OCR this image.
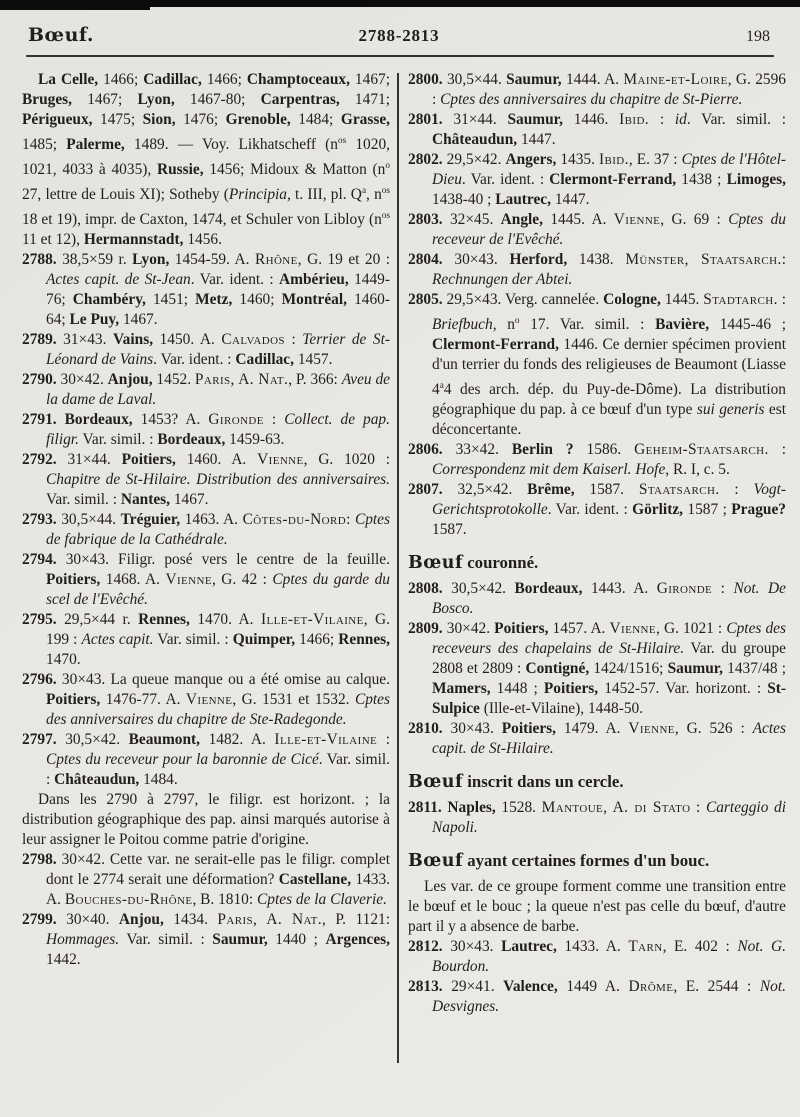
Bœuf.	2788-2813	198

La Celle, 1466; Cadillac, 1466; Champtoceaux, 1467; Bruges, 1467; Lyon, 1467-80; Carpentras, 1471; Périgueux, 1475; Sion, 1476; Grenoble, 1484; Grasse, 1485; Palerme, 1489. — Voy. Likhatscheff ($n^{os}$ 1020, 1021, 4033 à 4035), Russie, 1456; Midoux & Matton ($n^o$ 27, lettre de Louis XI); Sotheby (Principia, t. III, pl. $Q^a$, $n^{os}$ 18 et 19), impr. de Caxton, 1474, et Schuler von Libloy ($n^{os}$ 11 et 12), Hermannstadt, 1456.

2788. 38,5×59 r. Lyon, 1454-59. A. Rhône, G. 19 et 20 : Actes capit. de St-Jean. Var. ident. : Ambérieu, 1449-76; Chambéry, 1451; Metz, 1460; Montréal, 1460-64; Le Puy, 1467.

2789. 31×43. Vains, 1450. A. Calvados : Terrier de St-Léonard de Vains. Var. ident. : Cadillac, 1457.

2790. 30×42. Anjou, 1452. Paris, A. Nat., P. 366: Aveu de la dame de Laval.

2791. Bordeaux, 1453? A. Gironde : Collect. de pap. filigr. Var. simil. : Bordeaux, 1459-63.

2792. 31×44. Poitiers, 1460. A. Vienne, G. 1020 : Chapitre de St-Hilaire. Distribution des anniversaires. Var. simil. : Nantes, 1467.

2793. 30,5×44. Tréguier, 1463. A. Côtes-du-Nord: Cptes de fabrique de la Cathédrale.

2794. 30×43. Filigr. posé vers le centre de la feuille. Poitiers, 1468. A. Vienne, G. 42 : Cptes du garde du scel de l'Evêché.

2795. 29,5×44 r. Rennes, 1470. A. Ille-et-Vilaine, G. 199 : Actes capit. Var. simil. : Quimper, 1466; Rennes, 1470.

2796. 30×43. La queue manque ou a été omise au calque. Poitiers, 1476-77. A. Vienne, G. 1531 et 1532. Cptes des anniversaires du chapitre de Ste-Radegonde.

2797. 30,5×42. Beaumont, 1482. A. Ille-et-Vilaine : Cptes du receveur pour la baronnie de Cicé. Var. simil. : Châteaudun, 1484.

Dans les 2790 à 2797, le filigr. est horizont. ; la distribution géographique des pap. ainsi marqués autorise à leur assigner le Poitou comme patrie d'origine.

2798. 30×42. Cette var. ne serait-elle pas le filigr. complet dont le 2774 serait une déformation? Castellane, 1433. A. Bouches-du-Rhône, B. 1810: Cptes de la Claverie.

2799. 30×40. Anjou, 1434. Paris, A. Nat., P. 1121: Hommages. Var. simil. : Saumur, 1440 ; Argences, 1442.

2800. 30,5×44. Saumur, 1444. A. Maine-et-Loire, G. 2596 : Cptes des anniversaires du chapitre de St-Pierre.

2801. 31×44. Saumur, 1446. Ibid. : id. Var. simil. : Châteaudun, 1447.

2802. 29,5×42. Angers, 1435. Ibid., E. 37 : Cptes de l'Hôtel-Dieu. Var. ident. : Clermont-Ferrand, 1438 ; Limoges, 1438-40 ; Lautrec, 1447.

2803. 32×45. Angle, 1445. A. Vienne, G. 69 : Cptes du receveur de l'Evêché.

2804. 30×43. Herford, 1438. Münster, Staatsarch.: Rechnungen der Abtei.

2805. 29,5×43. Verg. cannelée. Cologne, 1445. Stadtarch. : Briefbuch, $n^o$ 17. Var. simil. : Bavière, 1445-46 ; Clermont-Ferrand, 1446. Ce dernier spécimen provient d'un terrier du fonds des religieuses de Beaumont (Liasse 4$^a$4 des arch. dép. du Puy-de-Dôme). La distribution géographique du pap. à ce bœuf d'un type sui generis est déconcertante.

2806. 33×42. Berlin ? 1586. Geheim-Staatsarch. : Correspondenz mit dem Kaiserl. Hofe, R. I, c. 5.

2807. 32,5×42. Brême, 1587. Staatsarch. : Vogt-Gerichtsprotokolle. Var. ident. : Görlitz, 1587 ; Prague? 1587.

Bœuf couronné.

2808. 30,5×42. Bordeaux, 1443. A. Gironde : Not. De Bosco.

2809. 30×42. Poitiers, 1457. A. Vienne, G. 1021 : Cptes des receveurs des chapelains de St-Hilaire. Var. du groupe 2808 et 2809 : Contigné, 1424/1516; Saumur, 1437/48 ; Mamers, 1448 ; Poitiers, 1452-57. Var. horizont. : St-Sulpice (Ille-et-Vilaine), 1448-50.

2810. 30×43. Poitiers, 1479. A. Vienne, G. 526 : Actes capit. de St-Hilaire.

Bœuf inscrit dans un cercle.

2811. Naples, 1528. Mantoue, A. di Stato : Carteggio di Napoli.

Bœuf ayant certaines formes d'un bouc.

Les var. de ce groupe forment comme une transition entre le bœuf et le bouc ; la queue n'est pas celle du bœuf, d'autre part il y a absence de barbe.

2812. 30×43. Lautrec, 1433. A. Tarn, E. 402 : Not. G. Bourdon.

2813. 29×41. Valence, 1449 A. Drôme, E. 2544 : Not. Desvignes.
